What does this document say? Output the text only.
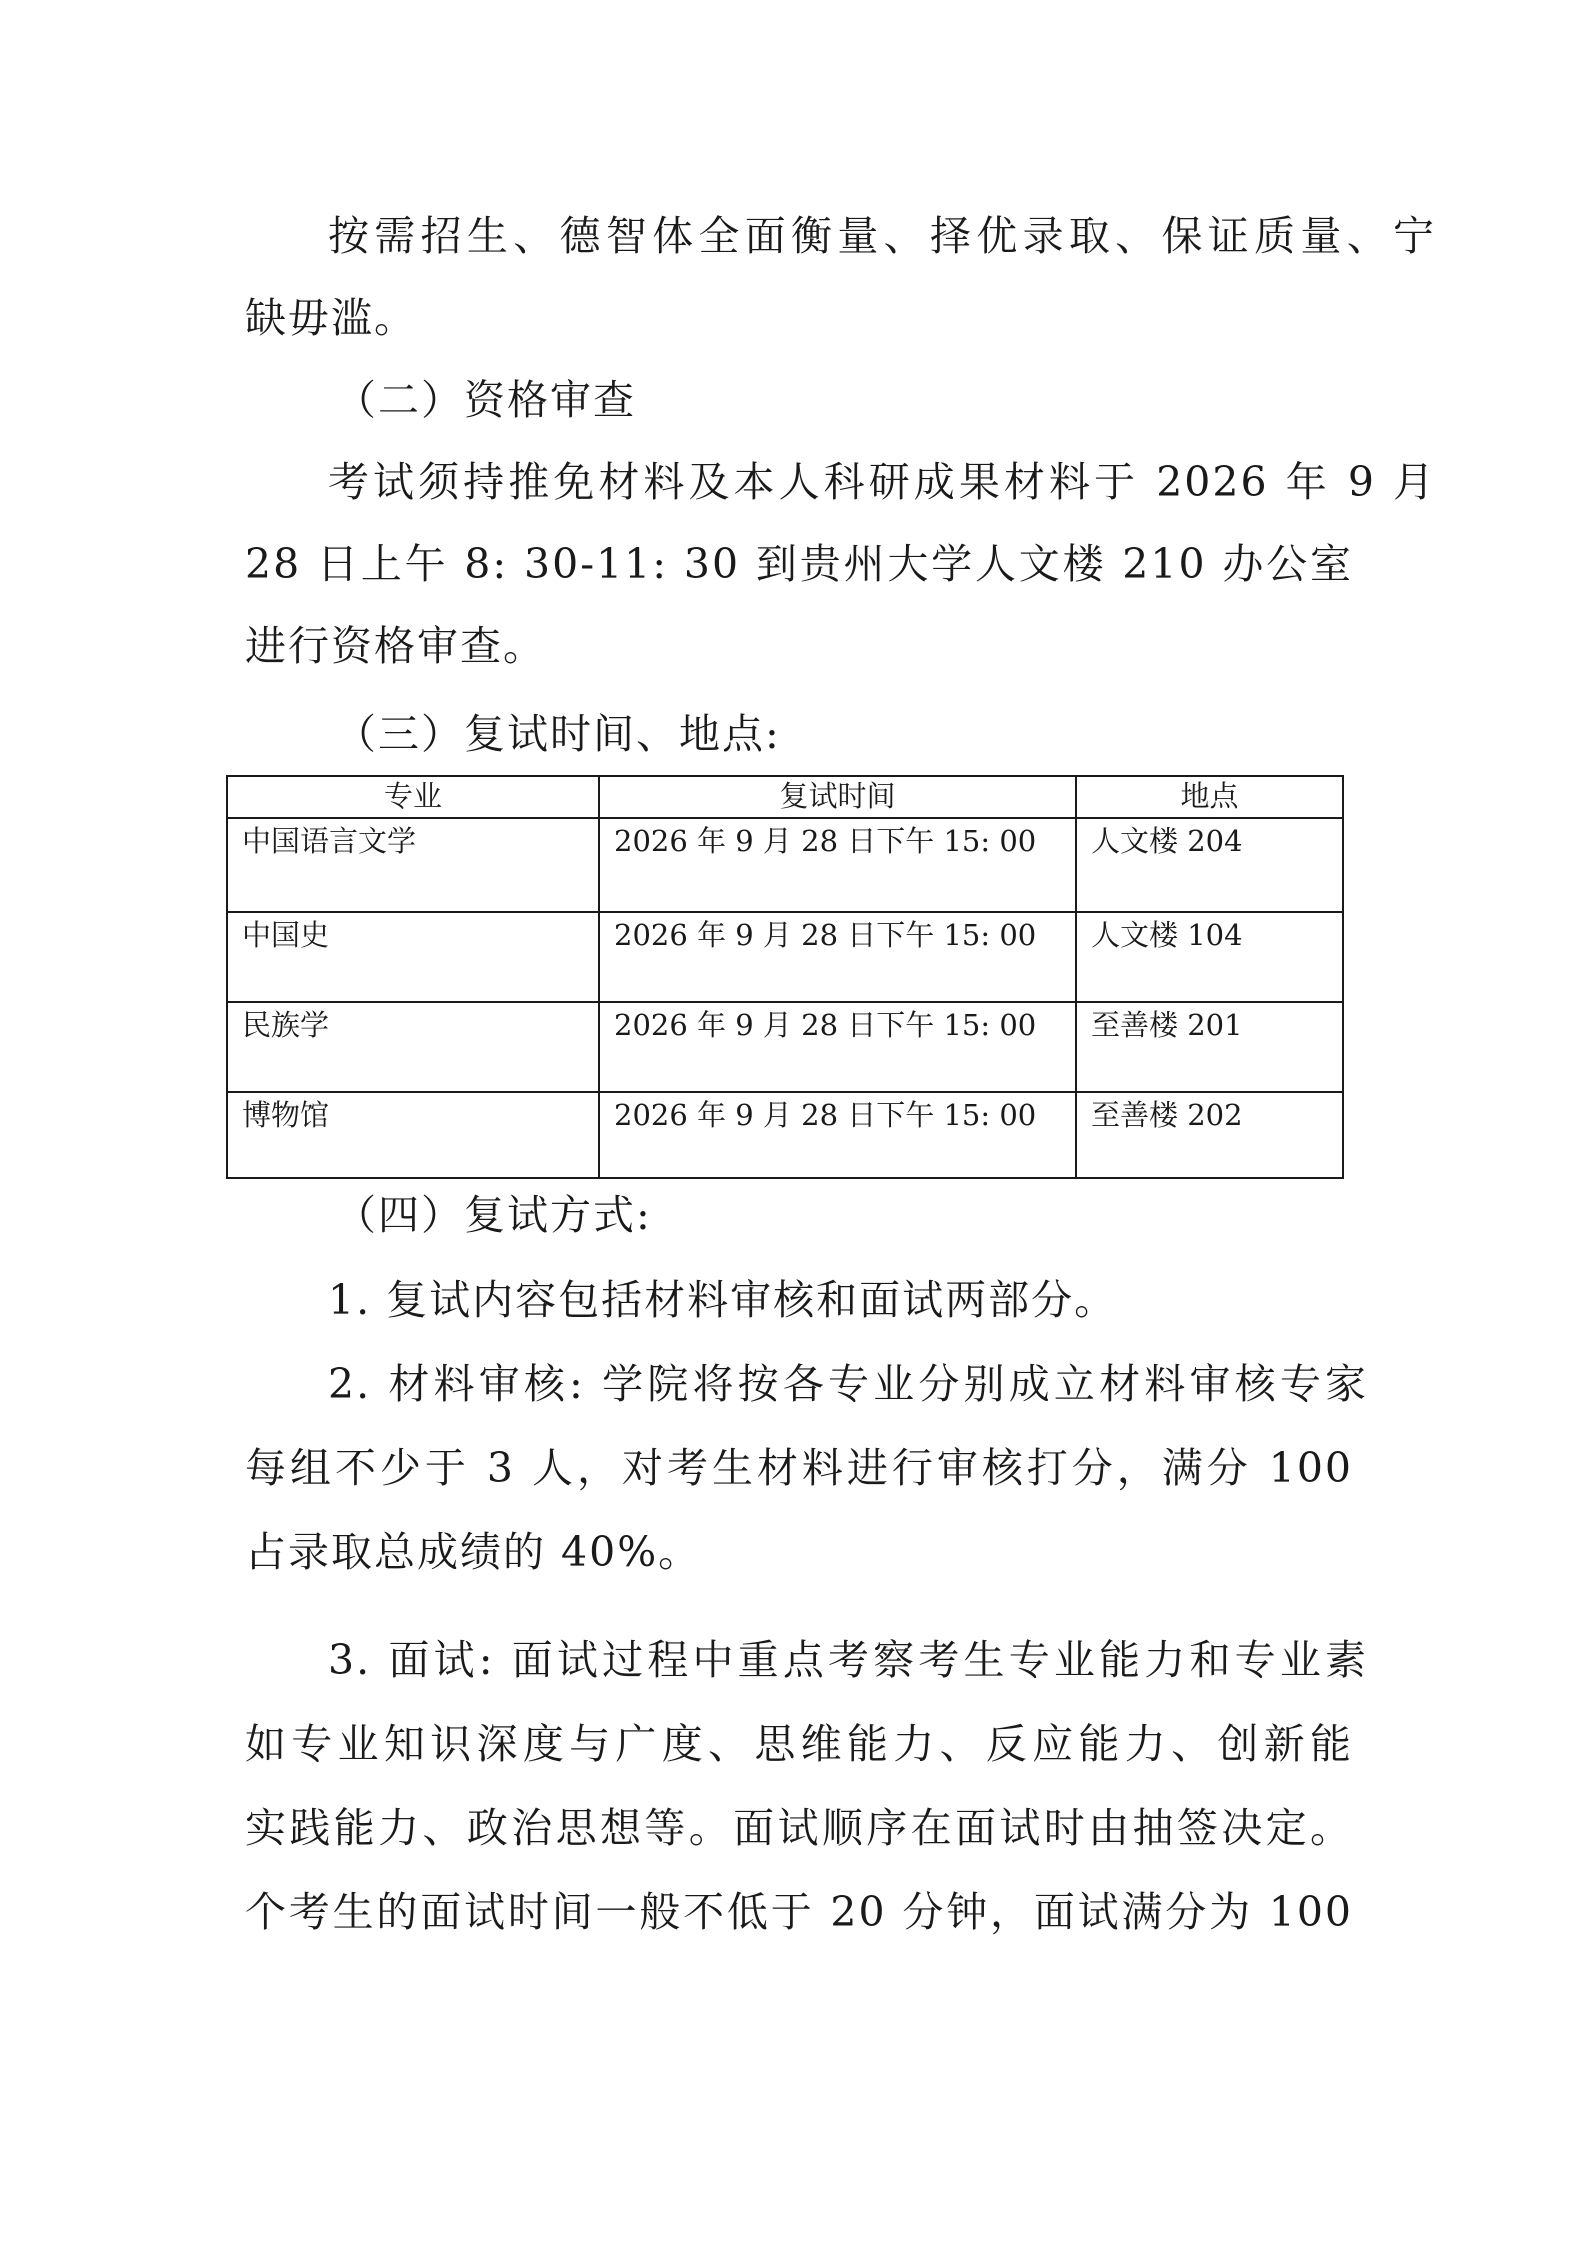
按需招生、德智体全面衡量、择优录取、保证质量、宁
缺毋滥。
（二）资格审查
考试须持推免材料及本人科研成果材料于 2026 年 9 月
28 日上午 8: 30-11: 30 到贵州大学人文楼 210 办公室
进行资格审查。
（三）复试时间、地点:
专业	复试时间	地点
中国语言文学	2026 年 9 月 28 日下午 15: 00	人文楼 204
中国史	2026 年 9 月 28 日下午 15: 00	人文楼 104
民族学	2026 年 9 月 28 日下午 15: 00	至善楼 201
博物馆	2026 年 9 月 28 日下午 15: 00	至善楼 202
（四）复试方式:
1. 复试内容包括材料审核和面试两部分。
2. 材料审核: 学院将按各专业分别成立材料审核专家
每组不少于 3 人，对考生材料进行审核打分，满分 100
占录取总成绩的 40%。
3. 面试: 面试过程中重点考察考生专业能力和专业素
如专业知识深度与广度、思维能力、反应能力、创新能
实践能力、政治思想等。面试顺序在面试时由抽签决定。
个考生的面试时间一般不低于 20 分钟，面试满分为 100
